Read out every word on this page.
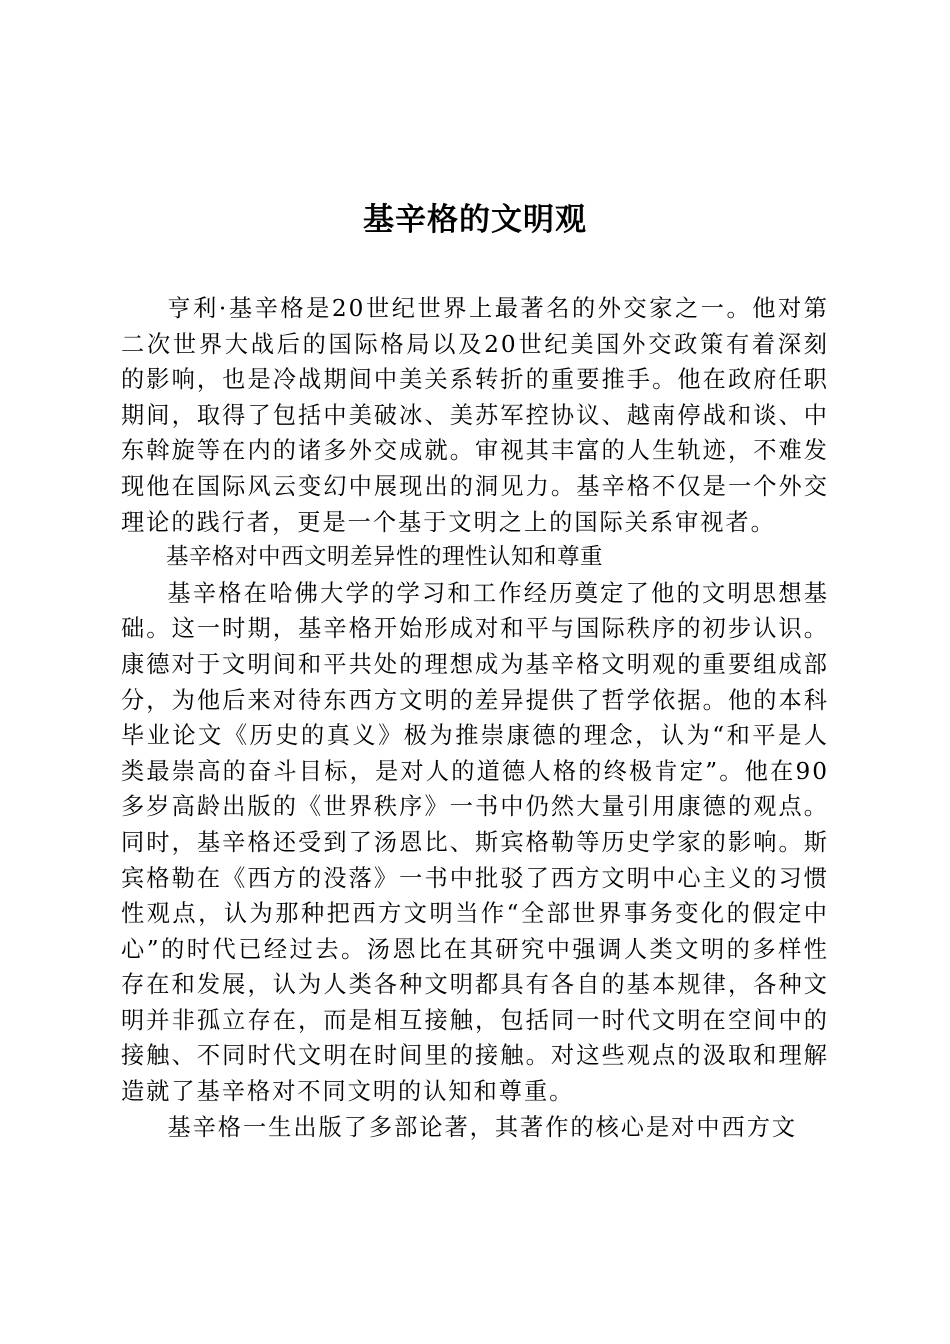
基辛格的文明观

亨利·基辛格是20世纪世界上最著名的外交家之一。他对第二次世界大战后的国际格局以及20世纪美国外交政策有着深刻的影响，也是冷战期间中美关系转折的重要推手。他在政府任职期间，取得了包括中美破冰、美苏军控协议、越南停战和谈、中东斡旋等在内的诸多外交成就。审视其丰富的人生轨迹，不难发现他在国际风云变幻中展现出的洞见力。基辛格不仅是一个外交理论的践行者，更是一个基于文明之上的国际关系审视者。

基辛格对中西文明差异性的理性认知和尊重

基辛格在哈佛大学的学习和工作经历奠定了他的文明思想基础。这一时期，基辛格开始形成对和平与国际秩序的初步认识。康德对于文明间和平共处的理想成为基辛格文明观的重要组成部分，为他后来对待东西方文明的差异提供了哲学依据。他的本科毕业论文《历史的真义》极为推崇康德的理念，认为“和平是人类最崇高的奋斗目标，是对人的道德人格的终极肯定”。他在90多岁高龄出版的《世界秩序》一书中仍然大量引用康德的观点。同时，基辛格还受到了汤恩比、斯宾格勒等历史学家的影响。斯宾格勒在《西方的没落》一书中批驳了西方文明中心主义的习惯性观点，认为那种把西方文明当作“全部世界事务变化的假定中心”的时代已经过去。汤恩比在其研究中强调人类文明的多样性存在和发展，认为人类各种文明都具有各自的基本规律，各种文明并非孤立存在，而是相互接触，包括同一时代文明在空间中的接触、不同时代文明在时间里的接触。对这些观点的汲取和理解造就了基辛格对不同文明的认知和尊重。

基辛格一生出版了多部论著，其著作的核心是对中西方文
